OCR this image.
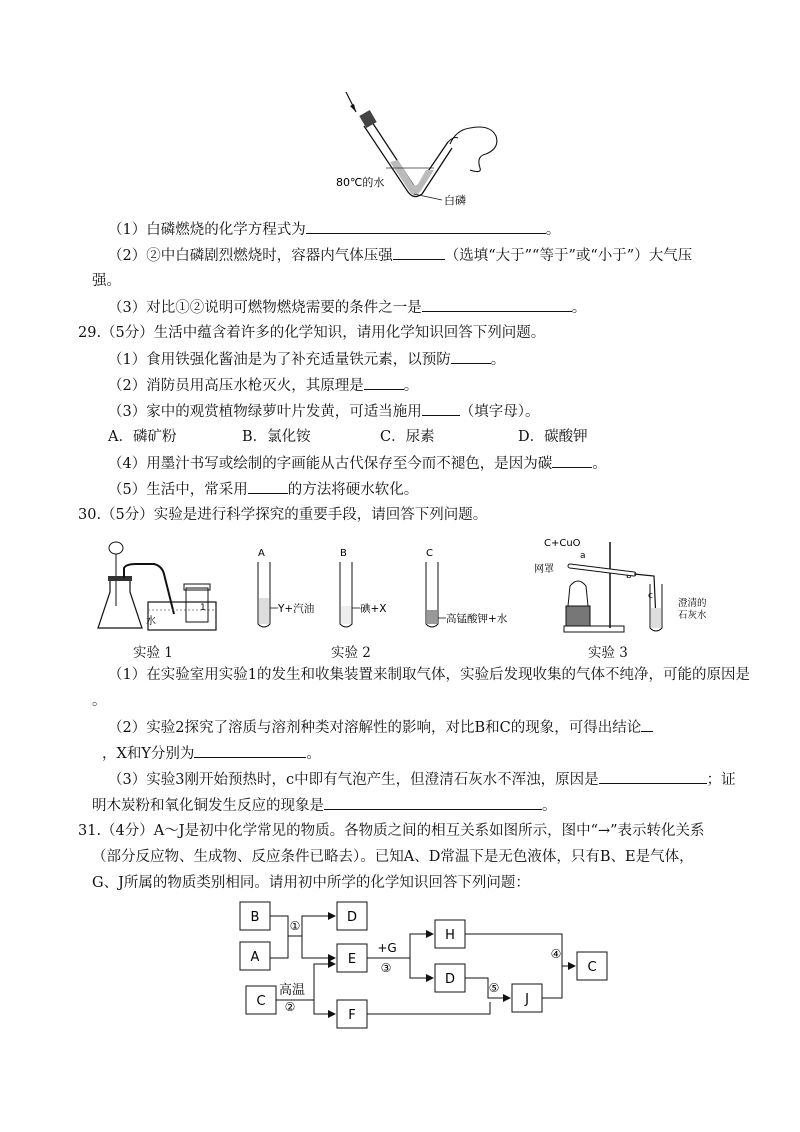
80℃的水
白磷
（1）白磷燃烧的化学方程式为	。
（2）②中白磷剧烈燃烧时，容器内气体压强	（选填“大于”“等于”或“小于”）大气压
强。
（3）对比①②说明可燃物燃烧需要的条件之一是	。
29.（5分）生活中蕴含着许多的化学知识，请用化学知识回答下列问题。
（1）食用铁强化酱油是为了补充适量铁元素，以预防	。
（2）消防员用高压水枪灭火，其原理是	。
（3）家中的观赏植物绿萝叶片发黄，可适当施用	（填字母）。
A．磷矿粉	B．氯化铵	C．尿素	D．碳酸钾
（4）用墨汁书写或绘制的字画能从古代保存至今而不褪色，是因为碳	。
（5）生活中，常采用	的方法将硬水软化。
30.（5分）实验是进行科学探究的重要手段，请回答下列问题。
水
1
A	B	C
Y+汽油	碘+X
高锰酸钾+水
C+CuO
a
b
c
网罩
澄清的
石灰水
实验 1	实验 2	实验 3
（1）在实验室用实验1的发生和收集装置来制取气体，实验后发现收集的气体不纯净，可能的原因是
。
（2）实验2探究了溶质与溶剂种类对溶解性的影响，对比B和C的现象，可得出结论
，X和Y分别为	。
（3）实验3刚开始预热时，c中即有气泡产生，但澄清石灰水不浑浊，原因是	；证
明木炭粉和氧化铜发生反应的现象是	。
31.（4分）A～J是初中化学常见的物质。各物质之间的相互关系如图所示，图中“→”表示转化关系
（部分反应物、生成物、反应条件已略去）。已知A、D常温下是无色液体，只有B、E是气体，
G、J所属的物质类别相同。请用初中所学的化学知识回答下列问题：
B
A
D
E
C
F
H
D
J
C
①
②
③
④
⑤
+G
高温
